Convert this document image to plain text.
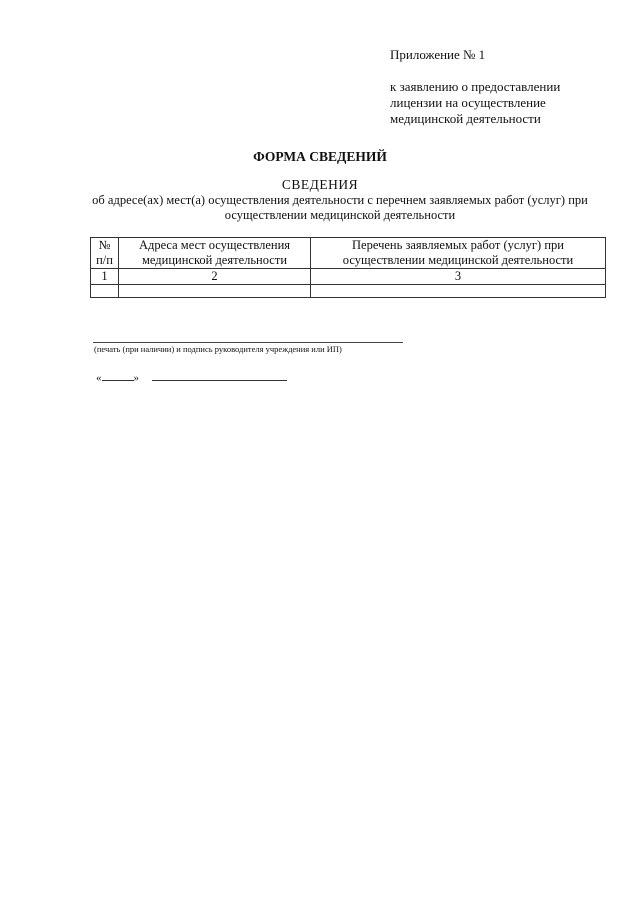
Приложение № 1
к заявлению о предоставлении
лицензии на осуществление
медицинской деятельности
ФОРМА СВЕДЕНИЙ
СВЕДЕНИЯ
об адресе(ах) мест(а) осуществления деятельности с перечнем заявляемых работ (услуг) при осуществлении медицинской деятельности
№ п/п	Адреса мест осуществления медицинской деятельности	Перечень заявляемых работ (услуг) при осуществлении медицинской деятельности
1	2	3

(печать (при наличии) и подпись руководителя учреждения или ИП)
«	»
